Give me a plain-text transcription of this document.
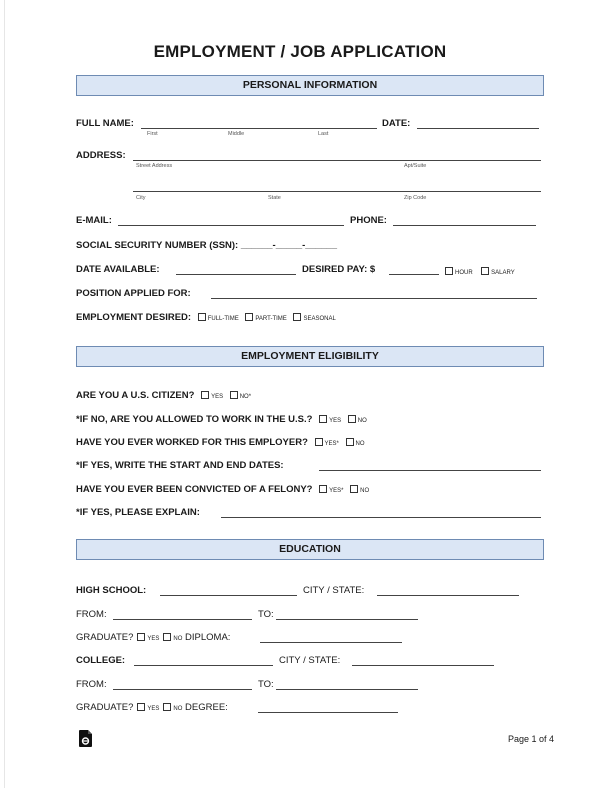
EMPLOYMENT / JOB APPLICATION
PERSONAL INFORMATION
FULL NAME:
First	Middle	Last
DATE:
ADDRESS:
Street Address	Apt/Suite
City	State	Zip Code
E-MAIL:	PHONE:
SOCIAL SECURITY NUMBER (SSN): ______-_____-______
DATE AVAILABLE:	DESIRED PAY: $	HOUR	SALARY
POSITION APPLIED FOR:
EMPLOYMENT DESIRED:	FULL-TIME	PART-TIME	SEASONAL
EMPLOYMENT ELIGIBILITY
ARE YOU A U.S. CITIZEN?	YES	NO*
*IF NO, ARE YOU ALLOWED TO WORK IN THE U.S.?	YES	NO
HAVE YOU EVER WORKED FOR THIS EMPLOYER?	YES*	NO
*IF YES, WRITE THE START AND END DATES:
HAVE YOU EVER BEEN CONVICTED OF A FELONY?	YES*	NO
*IF YES, PLEASE EXPLAIN:
EDUCATION
HIGH SCHOOL:	CITY / STATE:
FROM:	TO:
GRADUATE? YES NO DIPLOMA:
COLLEGE:	CITY / STATE:
FROM:	TO:
GRADUATE? YES NO DEGREE:
Page 1 of 4
